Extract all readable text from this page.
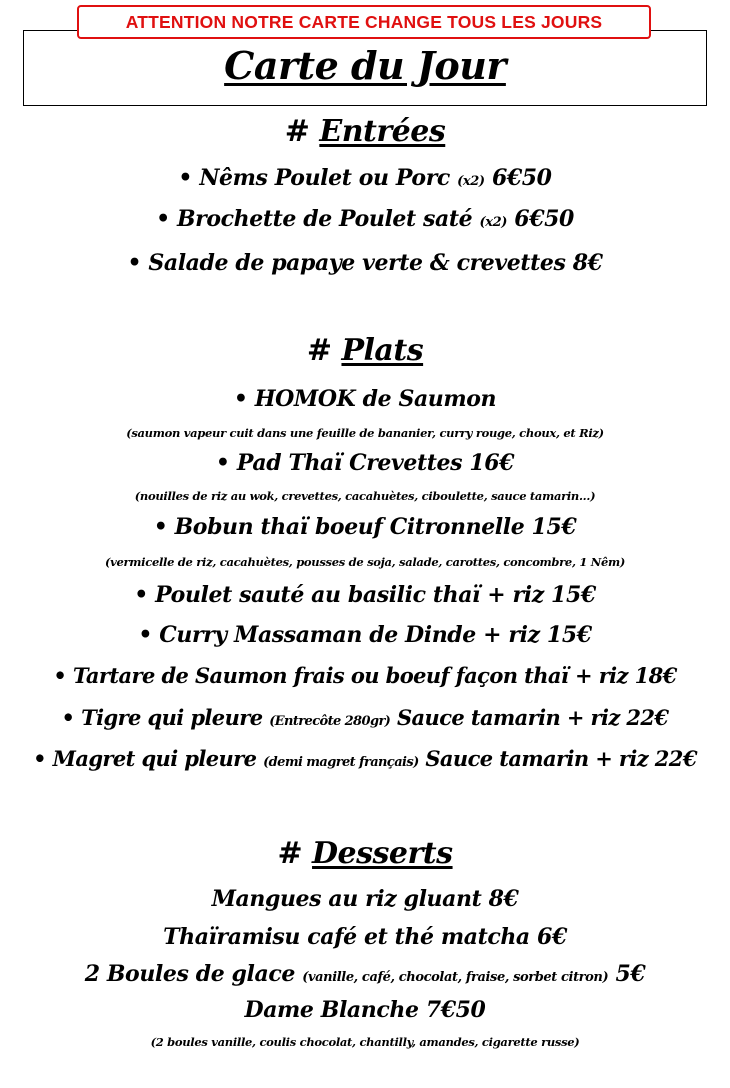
ATTENTION NOTRE CARTE CHANGE TOUS LES JOURS
Carte du Jour
# Entrées
• Nêms Poulet ou Porc (x2) 6€50
• Brochette de Poulet saté (x2) 6€50
• Salade de papaye verte & crevettes 8€
# Plats
• HOMOK de Saumon
(saumon vapeur cuit dans une feuille de bananier, curry rouge, choux, et Riz)
• Pad Thaï Crevettes 16€
(nouilles de riz au wok, crevettes, cacahuètes, ciboulette, sauce tamarin...)
• Bobun thaï boeuf Citronnelle 15€
(vermicelle de riz, cacahuètes, pousses de soja, salade, carottes, concombre, 1 Nêm)
• Poulet sauté au basilic thaï + riz 15€
• Curry Massaman de Dinde + riz 15€
• Tartare de Saumon frais ou boeuf façon thaï + riz 18€
• Tigre qui pleure (Entrecôte 280gr) Sauce tamarin + riz 22€
• Magret qui pleure (demi magret français) Sauce tamarin + riz 22€
# Desserts
Mangues au riz gluant 8€
Thaïramisu café et thé matcha 6€
2 Boules de glace (vanille, café, chocolat, fraise, sorbet citron) 5€
Dame Blanche 7€50
(2 boules vanille, coulis chocolat, chantilly, amandes, cigarette russe)
